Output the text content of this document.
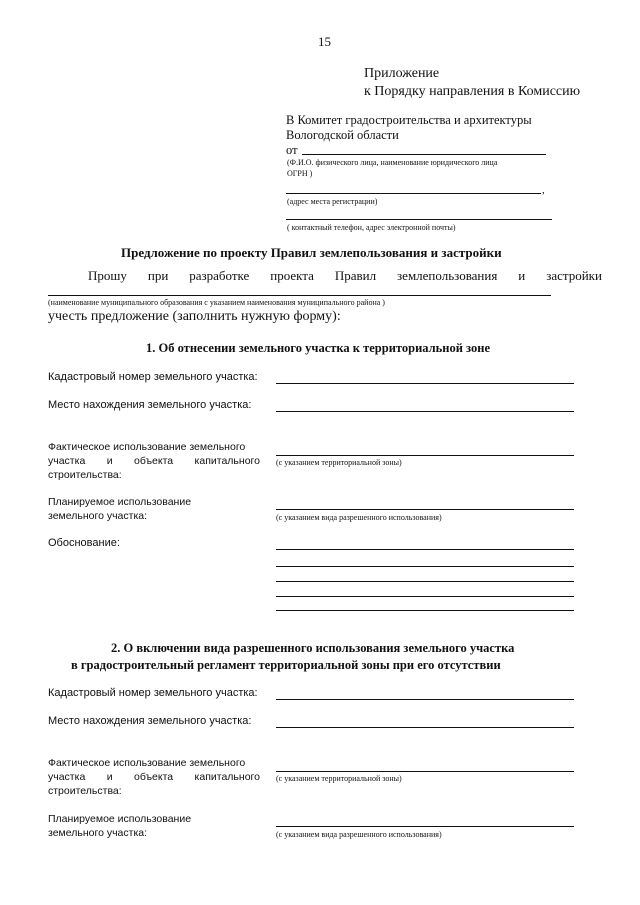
15
Приложение
к Порядку направления в Комиссию
В Комитет градостроительства и архитектуры
Вологодской области
от
(Ф.И.О. физического лица, наименование юридического лица
ОГРН )
,
(адрес места регистрации)
( контактный телефон, адрес электронной почты)
Предложение по проекту Правил землепользования и застройки
Прошу при разработке проекта Правил землепользования и застройки
(наименование муниципального образования с указанием наименования муниципального района )
учесть предложение (заполнить нужную форму):
1. Об отнесении земельного участка к территориальной зоне
Кадастровый номер земельного участка:
Место нахождения земельного участка:
Фактическое использование земельного
участка и объекта капитального
строительства:
(с указанием территориальной зоны)
Планируемое использование
земельного участка:	(с указанием вида разрешенного использования)
Обоснование:
2. О включении вида разрешенного использования земельного участка
в градостроительный регламент территориальной зоны при его отсутствии
Кадастровый номер земельного участка:
Место нахождения земельного участка:
Фактическое использование земельного
участка и объекта капитального
строительства:
(с указанием территориальной зоны)
Планируемое использование
земельного участка:	(с указанием вида разрешенного использования)
